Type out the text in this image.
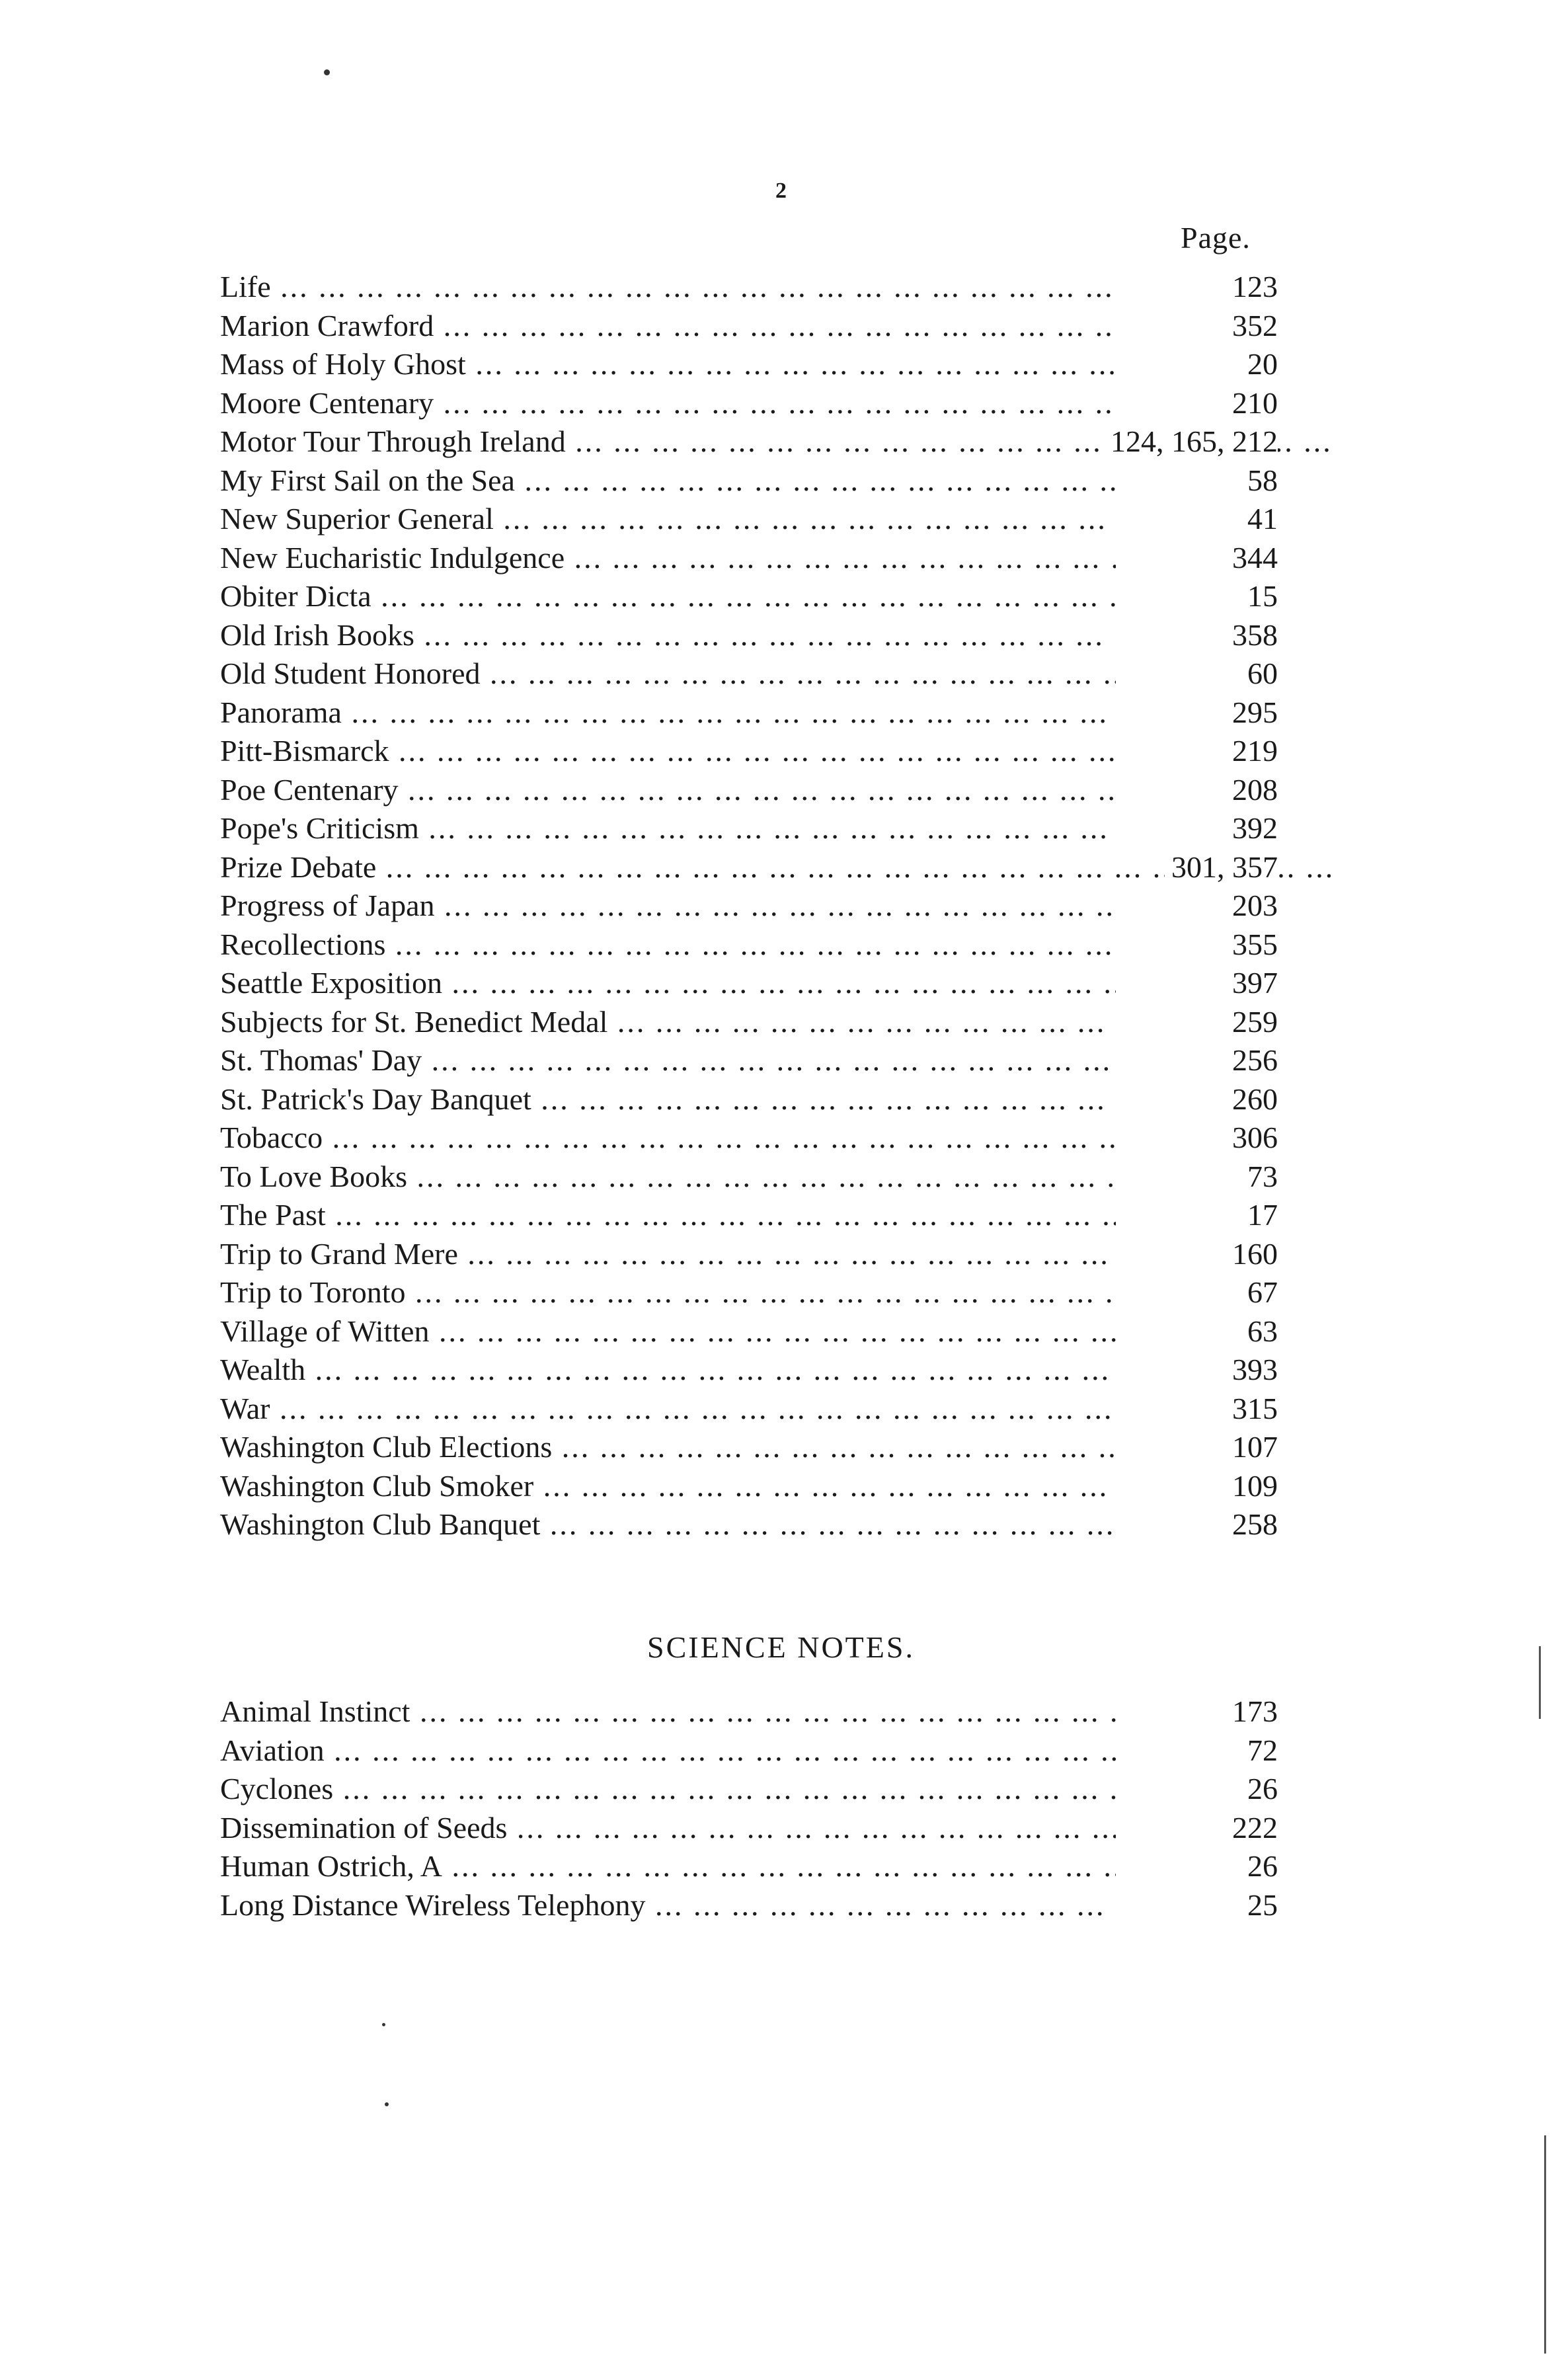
2
Page.
Life ... .	123
Marion Crawford ... .	352
Mass of Holy Ghost ... .	20
Moore Centenary ... .	210
Motor Tour Through Ireland ... .	124, 165, 212
My First Sail on the Sea ... .	58
New Superior General ... .	41
New Eucharistic Indulgence ... .	344
Obiter Dicta ... .	15
Old Irish Books ... .	358
Old Student Honored ... .	60
Panorama ... .	295
Pitt-Bismarck ... .	219
Poe Centenary ... .	208
Pope's Criticism ... .	392
Prize Debate ... .	301, 357
Progress of Japan ... .	203
Recollections ... .	355
Seattle Exposition ... .	397
Subjects for St. Benedict Medal ... .	259
St. Thomas' Day ... .	256
St. Patrick's Day Banquet ... .	260
Tobacco ... .	306
To Love Books ... .	73
The Past ... .	17
Trip to Grand Mere ... .	160
Trip to Toronto ... .	67
Village of Witten ... .	63
Wealth ... .	393
War ... .	315
Washington Club Elections ... .	107
Washington Club Smoker ... .	109
Washington Club Banquet ... .	258
SCIENCE NOTES.
Animal Instinct ... .	173
Aviation ... .	72
Cyclones ... .	26
Dissemination of Seeds ... .	222
Human Ostrich, A ... .	26
Long Distance Wireless Telephony ... .	25
